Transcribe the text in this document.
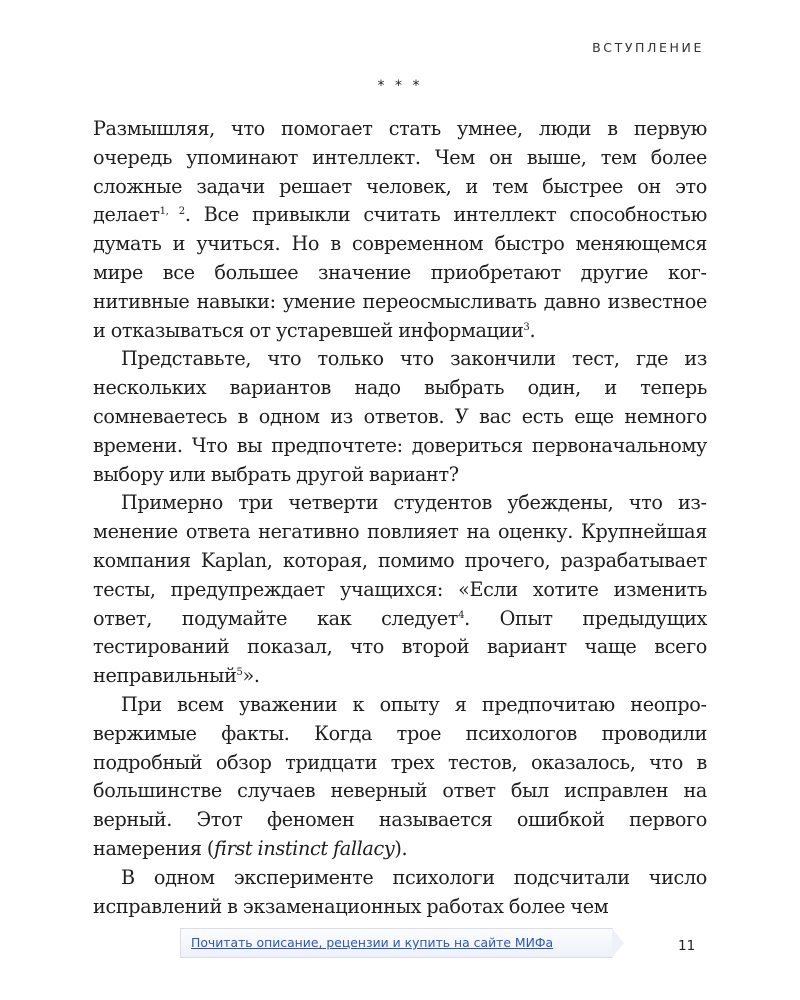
ВСТУПЛЕНИЕ
* * *

Размышляя, что помогает стать умнее, люди в первую очередь упоминают интеллект. Чем он выше, тем более сложные задачи решает человек, и тем быстрее он это делает$^{1, 2}$. Все привыкли считать интеллект способностью думать и учиться. Но в современном быстро меняющемся мире все большее значение приобретают другие когнитивные навыки: умение переосмысливать давно известное и отказываться от устаревшей информации$^3$.

Представьте, что только что закончили тест, где из нескольких вариантов надо выбрать один, и теперь сомневаетесь в одном из ответов. У вас есть еще немного времени. Что вы предпочтете: довериться первоначальному выбору или выбрать другой вариант?

Примерно три четверти студентов убеждены, что изменение ответа негативно повлияет на оценку. Крупнейшая компания Kaplan, которая, помимо прочего, разрабатывает тесты, предупреждает учащихся: «Если хотите изменить ответ, подумайте как следует$^4$. Опыт предыдущих тестирований показал, что второй вариант чаще всего неправильный$^5$».

При всем уважении к опыту я предпочитаю неопровержимые факты. Когда трое психологов проводили подробный обзор тридцати трех тестов, оказалось, что в большинстве случаев неверный ответ был исправлен на верный. Этот феномен называется ошибкой первого намерения (first instinct fallacy).

В одном эксперименте психологи подсчитали число исправлений в экзаменационных работах более чем

Почитать описание, рецензии и купить на сайте МИФа	11
